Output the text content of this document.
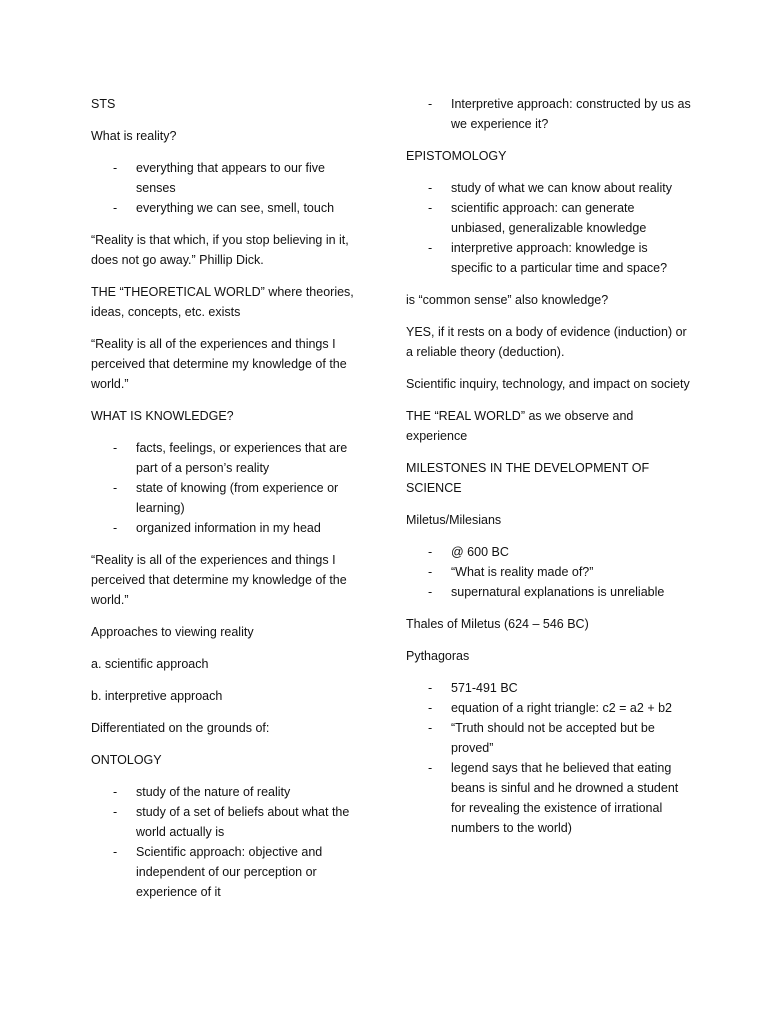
STS

What is reality?

- everything that appears to our five senses
- everything we can see, smell, touch

“Reality is that which, if you stop believing in it, does not go away.” Phillip Dick.

THE “THEORETICAL WORLD” where theories, ideas, concepts, etc. exists

“Reality is all of the experiences and things I perceived that determine my knowledge of the world.”

WHAT IS KNOWLEDGE?

- facts, feelings, or experiences that are part of a person’s reality
- state of knowing (from experience or learning)
- organized information in my head

“Reality is all of the experiences and things I perceived that determine my knowledge of the world.”

Approaches to viewing reality

a. scientific approach

b. interpretive approach

Differentiated on the grounds of:

ONTOLOGY

- study of the nature of reality
- study of a set of beliefs about what the world actually is
- Scientific approach: objective and independent of our perception or experience of it
- Interpretive approach: constructed by us as we experience it?

EPISTOMOLOGY

- study of what we can know about reality
- scientific approach: can generate unbiased, generalizable knowledge
- interpretive approach: knowledge is specific to a particular time and space?

is “common sense” also knowledge?

YES, if it rests on a body of evidence (induction) or a reliable theory (deduction).

Scientific inquiry, technology, and impact on society

THE “REAL WORLD” as we observe and experience

MILESTONES IN THE DEVELOPMENT OF SCIENCE

Miletus/Milesians

- @ 600 BC
- “What is reality made of?”
- supernatural explanations is unreliable

Thales of Miletus (624 – 546 BC)

Pythagoras

- 571-491 BC
- equation of a right triangle: c2 = a2 + b2
- “Truth should not be accepted but be proved”
- legend says that he believed that eating beans is sinful and he drowned a student for revealing the existence of irrational numbers to the world)
